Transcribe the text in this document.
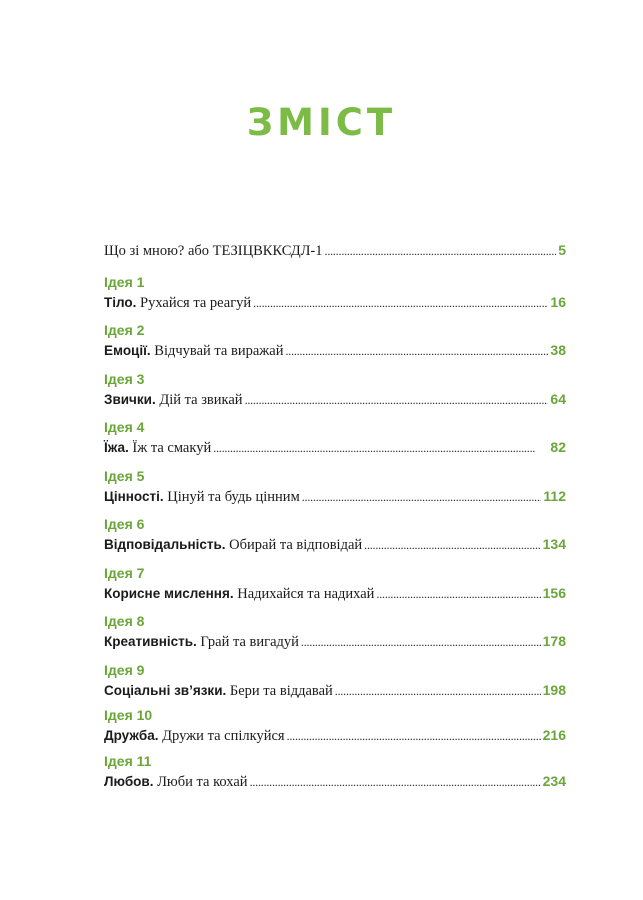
ЗМІСТ
Що зі мною? або ТЕЗІЦВККСДЛ-1 . . .	5
Ідея 1
Тіло. Рухайся та реагуй . . .	16
Ідея 2
Емоції. Відчувай та виражай . . .	38
Ідея 3
Звички. Дій та звикай . . .	64
Ідея 4
Їжа. Їж та смакуй . . .	82
Ідея 5
Цінності. Цінуй та будь цінним . . .	112
Ідея 6
Відповідальність. Обирай та відповідай . . .	134
Ідея 7
Корисне мислення. Надихайся та надихай . . .	156
Ідея 8
Креативність. Грай та вигадуй . . .	178
Ідея 9
Соціальні зв’язки. Бери та віддавай . . .	198
Ідея 10
Дружба. Дружи та спілкуйся . . .	216
Ідея 11
Любов. Люби та кохай . . .	234
